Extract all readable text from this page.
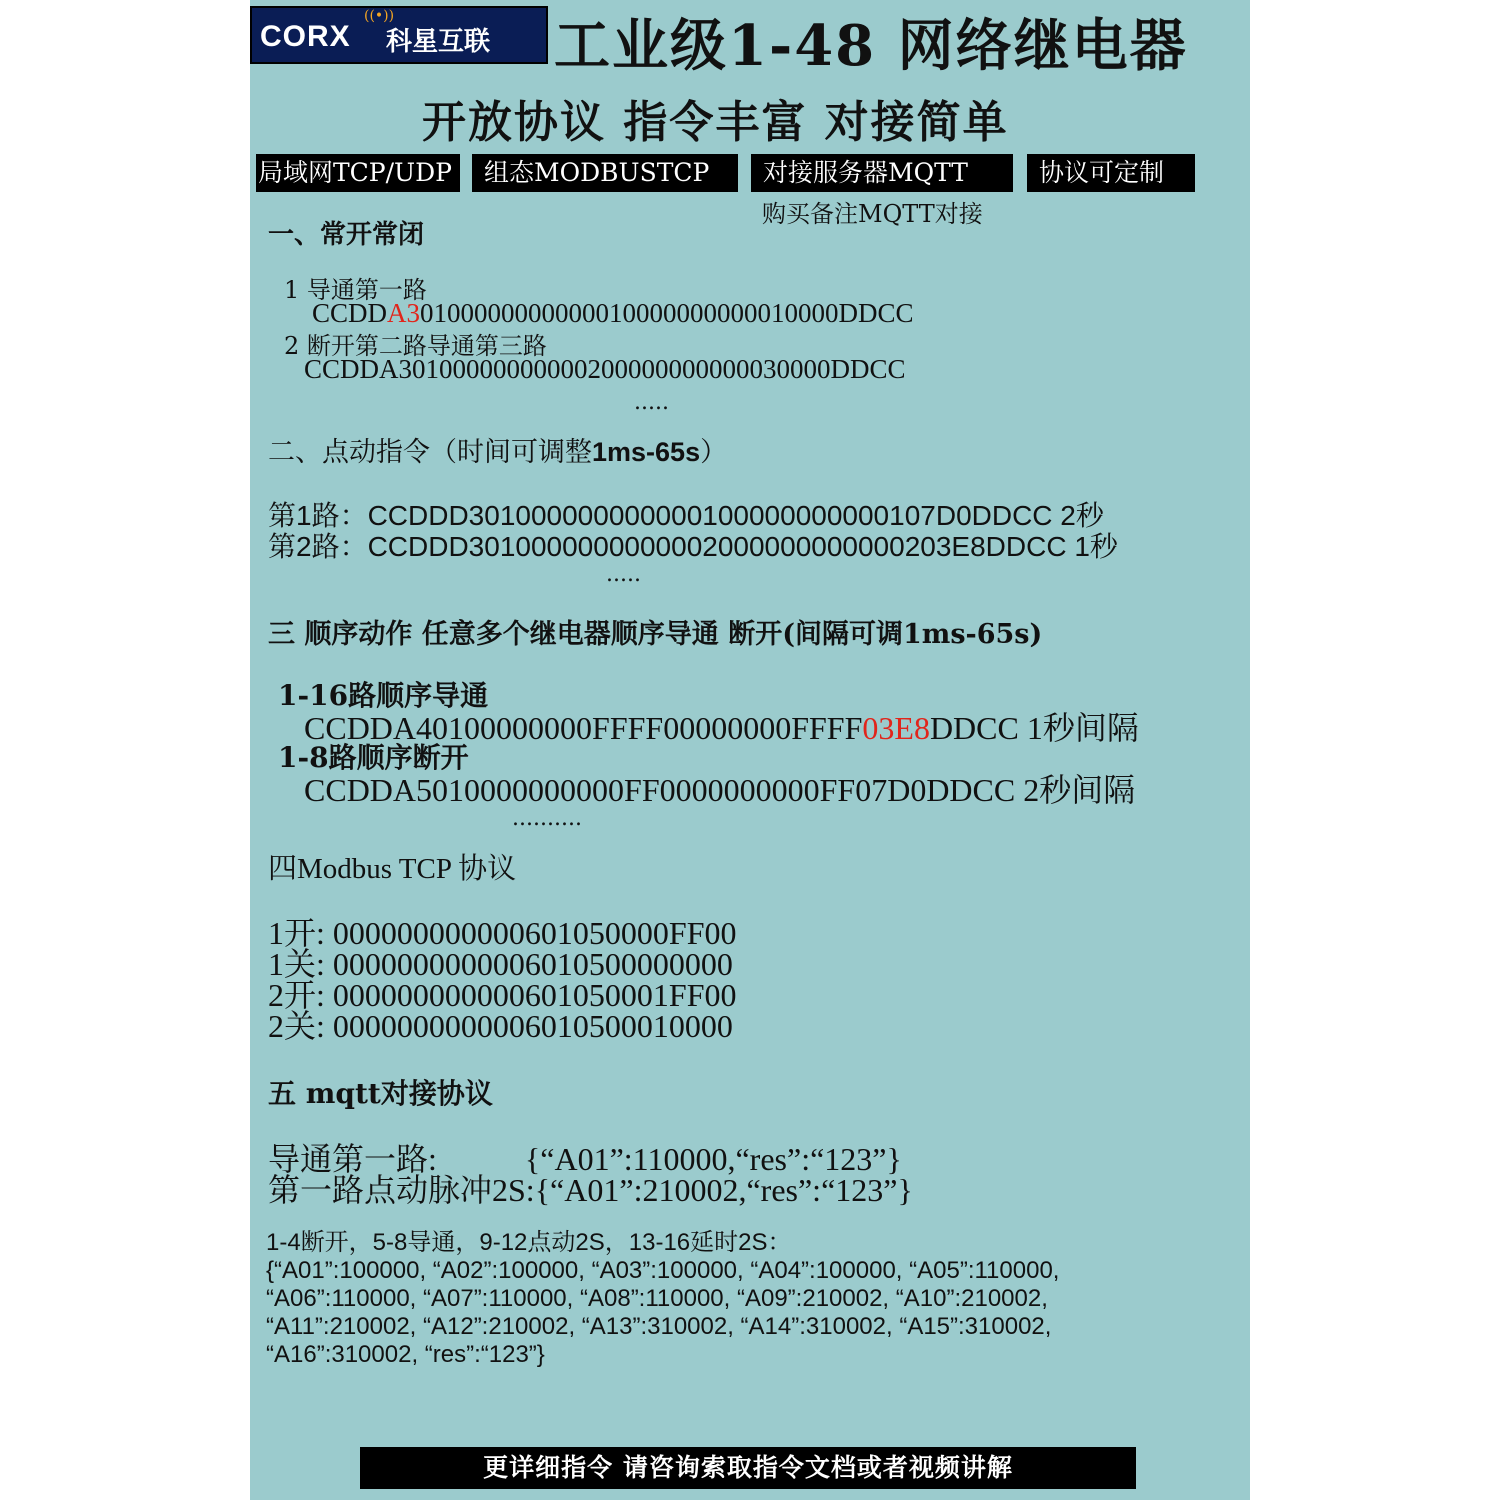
((•))
CORX 科星互联 工业级1-48 网络继电器
开放协议 指令丰富 对接简单
局域网TCP/UDP	组态MODBUSTCP	对接服务器MQTT	协议可定制
购买备注MQTT对接
一、常开常闭
1 导通第一路
CCDDA30100000000000010000000000010000DDCC
2 断开第二路导通第三路
CCDDA30100000000000200000000000030000DDCC
.....
二、点动指令（时间可调整1ms-65s）
第1路：CCDDD301000000000000100000000000107D0DDCC 2秒
第2路：CCDDD3010000000000002000000000000203E8DDCC 1秒
.....
三 顺序动作 任意多个继电器顺序导通 断开(间隔可调1ms-65s)
1-16路顺序导通
CCDDA40100000000FFFF00000000FFFF03E8DDCC 1秒间隔
1-8路顺序断开
CCDDA5010000000000FF0000000000FF07D0DDCC 2秒间隔
..........
四Modbus TCP 协议
1开: 000000000000601050000FF00
1关: 0000000000006010500000000
2开: 000000000000601050001FF00
2关: 0000000000006010500010000
五 mqtt对接协议
导通第一路:           {“A01”:110000,“res”:“123”}
第一路点动脉冲2S:{“A01”:210002,“res”:“123”}
1-4断开，5-8导通，9-12点动2S，13-16延时2S：
{“A01”:100000, “A02”:100000, “A03”:100000, “A04”:100000, “A05”:110000,
“A06”:110000, “A07”:110000, “A08”:110000, “A09”:210002, “A10”:210002,
“A11”:210002, “A12”:210002, “A13”:310002, “A14”:310002, “A15”:310002,
“A16”:310002, “res”:“123”}
更详细指令 请咨询索取指令文档或者视频讲解
